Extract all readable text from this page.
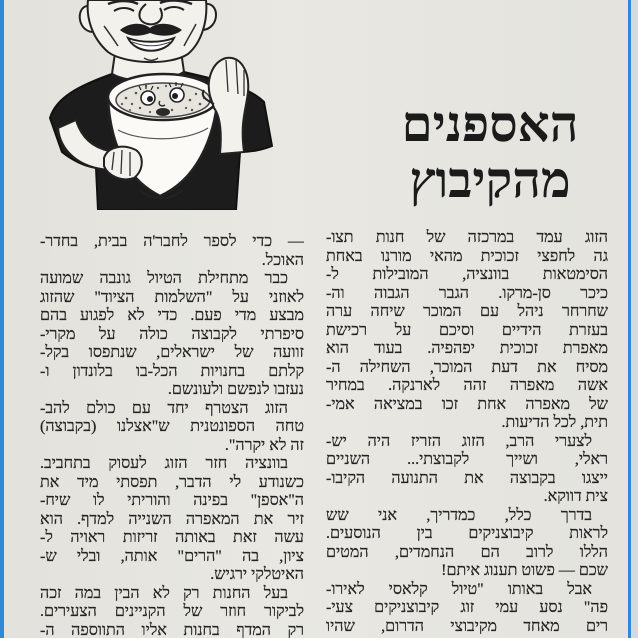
האספנים
מהקיבוץ
הזוג עמד במרכזה של חנות תצו-
גה לחפצי זכוכית מהאי מורנו באחת
הסימטאות בוונציה, המובילות ל-
כיכר סן-מרקו. הגבר הגבוה וה-
שחרחר ניהל עם המוכר שיחה ערה
בעזרת הידיים וסיכם על רכישת
מאפרת זכוכית יפהפיה. בעוד הוא
מסיח את דעת המוכר, השחילה ה-
אשה מאפרה זהה לארנקה. במחיר
של מאפרה אחת זכו במציאה אמי-
תית, לכל הדיעות.
לצערי הרב, הזוג הזריז היה יש-
ראלי, ושייך לקבוצתי... השניים
ייצגו בקבוצה את התנועה הקיבו-
צית דווקא.
בדרך כלל, כמדריך, אני שש
לראות קיבוצניקים בין הנוסעים.
הללו לרוב הם הנחמדים, המטים
שכם — פשוט תענוג איתם!
אבל באותו "טיול קלאסי לאירו-
פה" נסע עמי זוג קיבוצניקים צעי-
רים מאחד מקיבוצי הדרום, שהיו
— כדי לספר לחבר'ה בבית, בחדר-
האוכל.
כבר מתחילת הטיול גונבה שמועה
לאוזני על "השלמות הציוד" שהזוג
מבצע מדי פעם. כדי לא לפגוע בהם
סיפרתי לקבוצה כולה על מקרי-
זוועה של ישראלים, שנתפסו בקל-
קלתם בחנויות הכל-בו בלונדון ו-
נעזבו לנפשם ולעונשם.
הזוג הצטרף יחד עם כולם להב-
טחה הספונטנית ש"אצלנו (בקבוצה)
זה לא יקרה".
בוונציה חזר הזוג לעסוק בתחביב.
כשנודע לי הדבר, תפסתי מיד את
ה"אספן" בפינה והוריתי לו שיח-
זיר את המאפרה השנייה למדף. הוא
עשה זאת באותה זריזות ראויה ל-
ציון, בה "הרים" אותה, ובלי ש-
האיטלקי ירגיש.
בעל החנות רק לא הבין במה זכה
לביקור חוזר של הקניינים הצעירים.
רק המדף בחנות אליו התווספה ה-
